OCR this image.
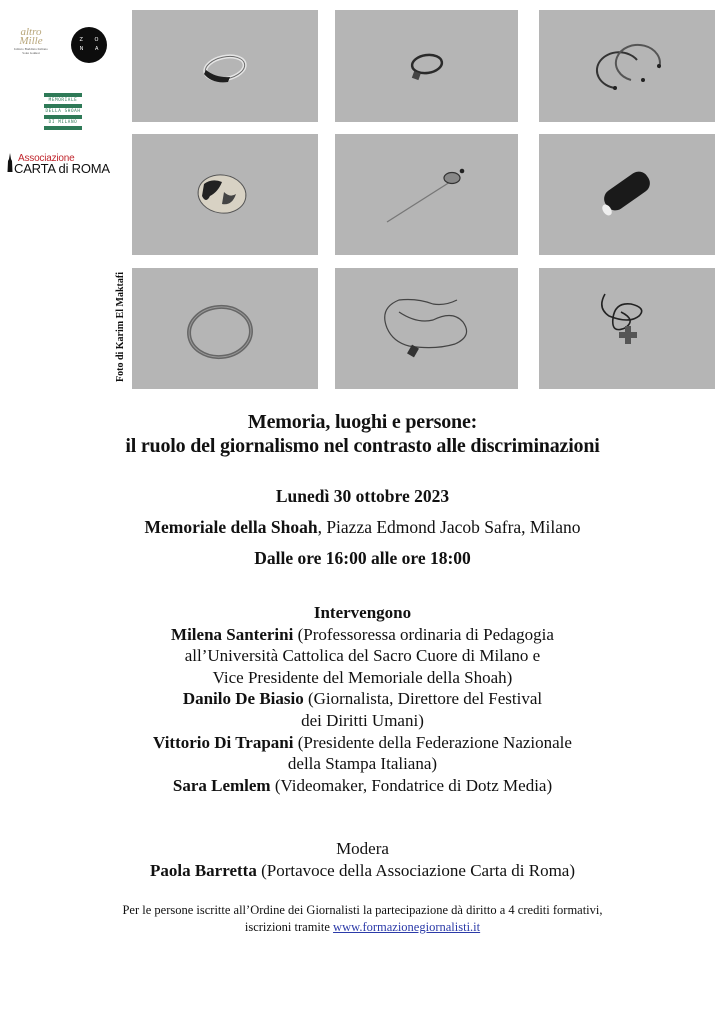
altro Mille
Istituto Buddista Italiano Soka Gakkai
Z O
N A
MEMORIALE
DELLA SHOAH
DI MILANO
Associazione
CARTA di ROMA
Foto di Karim El Maktafi
Memoria, luoghi e persone:
il ruolo del giornalismo nel contrasto alle discriminazioni
Lunedì 30 ottobre 2023
Memoriale della Shoah, Piazza Edmond Jacob Safra, Milano
Dalle ore 16:00 alle ore 18:00
Intervengono
Milena Santerini (Professoressa ordinaria di Pedagogia
all’Università Cattolica del Sacro Cuore di Milano e
Vice Presidente del Memoriale della Shoah)
Danilo De Biasio (Giornalista, Direttore del Festival
dei Diritti Umani)
Vittorio Di Trapani (Presidente della Federazione Nazionale
della Stampa Italiana)
Sara Lemlem (Videomaker, Fondatrice di Dotz Media)
Modera
Paola Barretta (Portavoce della Associazione Carta di Roma)
Per le persone iscritte all’Ordine dei Giornalisti la partecipazione dà diritto a 4 crediti formativi,
iscrizioni tramite www.formazionegiornalisti.it
